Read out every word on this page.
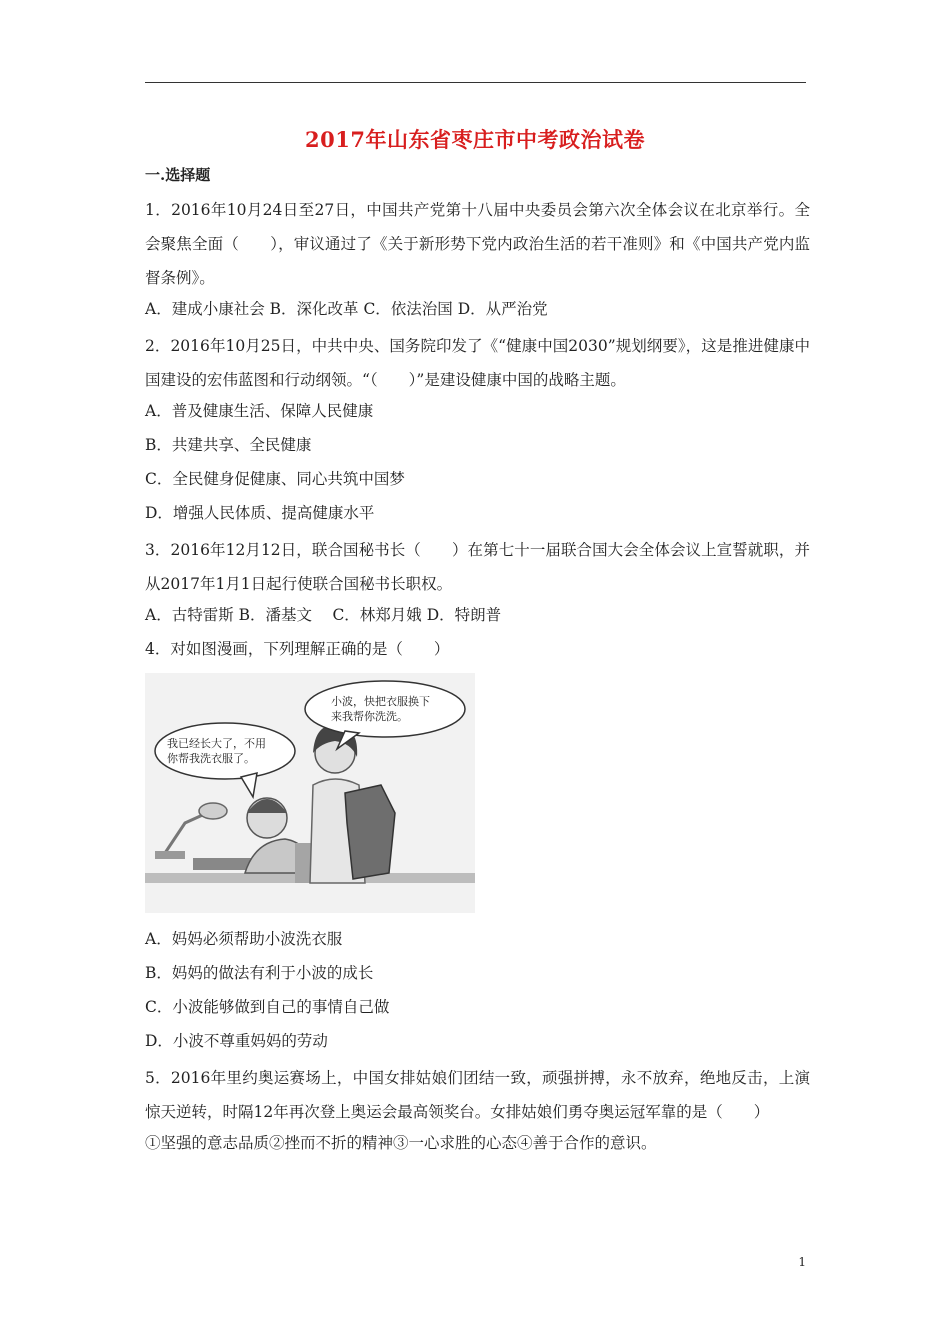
2017年山东省枣庄市中考政治试卷
一.选择题
1．2016年10月24日至27日，中国共产党第十八届中央委员会第六次全体会议在北京举行。全会聚焦全面（　　），审议通过了《关于新形势下党内政治生活的若干准则》和《中国共产党内监督条例》。
A．建成小康社会 B．深化改革 C．依法治国 D．从严治党
2．2016年10月25日，中共中央、国务院印发了《“健康中国2030”规划纲要》，这是推进健康中国建设的宏伟蓝图和行动纲领。“（　　）”是建设健康中国的战略主题。
A．普及健康生活、保障人民健康
B．共建共享、全民健康
C．全民健身促健康、同心共筑中国梦
D．增强人民体质、提高健康水平
3．2016年12月12日，联合国秘书长（　　）在第七十一届联合国大会全体会议上宣誓就职，并从2017年1月1日起行使联合国秘书长职权。
A．古特雷斯 B．潘基文　 C．林郑月娥 D．特朗普
4．对如图漫画，下列理解正确的是（　　）
小波，快把衣服换下
来我帮你洗洗。
我已经长大了，不用
你帮我洗衣服了。
A．妈妈必须帮助小波洗衣服
B．妈妈的做法有利于小波的成长
C．小波能够做到自己的事情自己做
D．小波不尊重妈妈的劳动
5．2016年里约奥运赛场上，中国女排姑娘们团结一致，顽强拼搏，永不放弃，绝地反击，上演惊天逆转，时隔12年再次登上奥运会最高领奖台。女排姑娘们勇夺奥运冠军靠的是（　　）
①坚强的意志品质②挫而不折的精神③一心求胜的心态④善于合作的意识。
1
